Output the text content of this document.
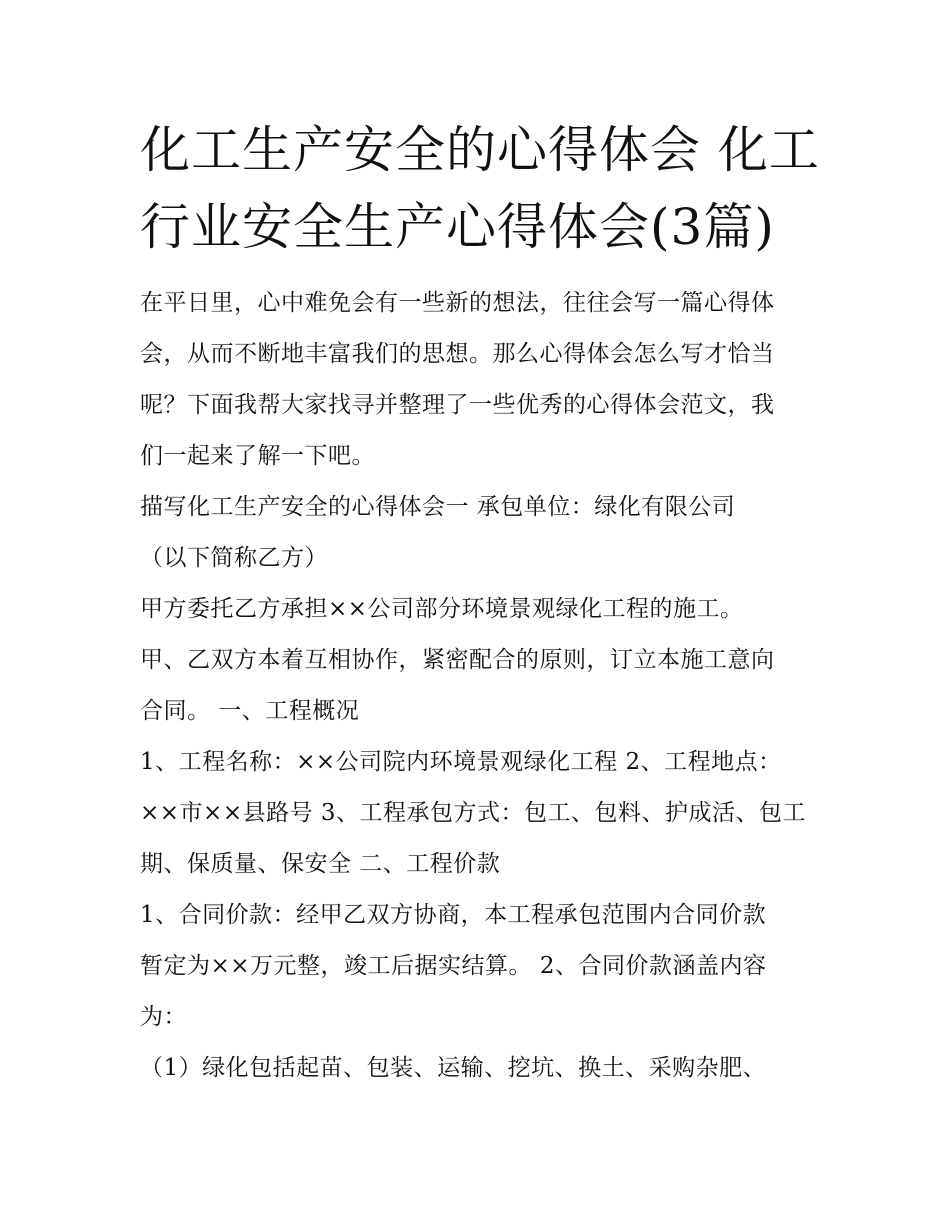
化工生产安全的心得体会 化工
行业安全生产心得体会(3篇)
在平日里，心中难免会有一些新的想法，往往会写一篇心得体
会，从而不断地丰富我们的思想。那么心得体会怎么写才恰当
呢？下面我帮大家找寻并整理了一些优秀的心得体会范文，我
们一起来了解一下吧。
描写化工生产安全的心得体会一 承包单位：绿化有限公司
（以下简称乙方）
甲方委托乙方承担××公司部分环境景观绿化工程的施工。
甲、乙双方本着互相协作，紧密配合的原则，订立本施工意向
合同。 一、工程概况
1、工程名称：××公司院内环境景观绿化工程 2、工程地点：
××市××县路号 3、工程承包方式：包工、包料、护成活、包工
期、保质量、保安全 二、工程价款
1、合同价款：经甲乙双方协商，本工程承包范围内合同价款
暂定为××万元整，竣工后据实结算。 2、合同价款涵盖内容
为：
（1）绿化包括起苗、包装、运输、挖坑、换土、采购杂肥、
